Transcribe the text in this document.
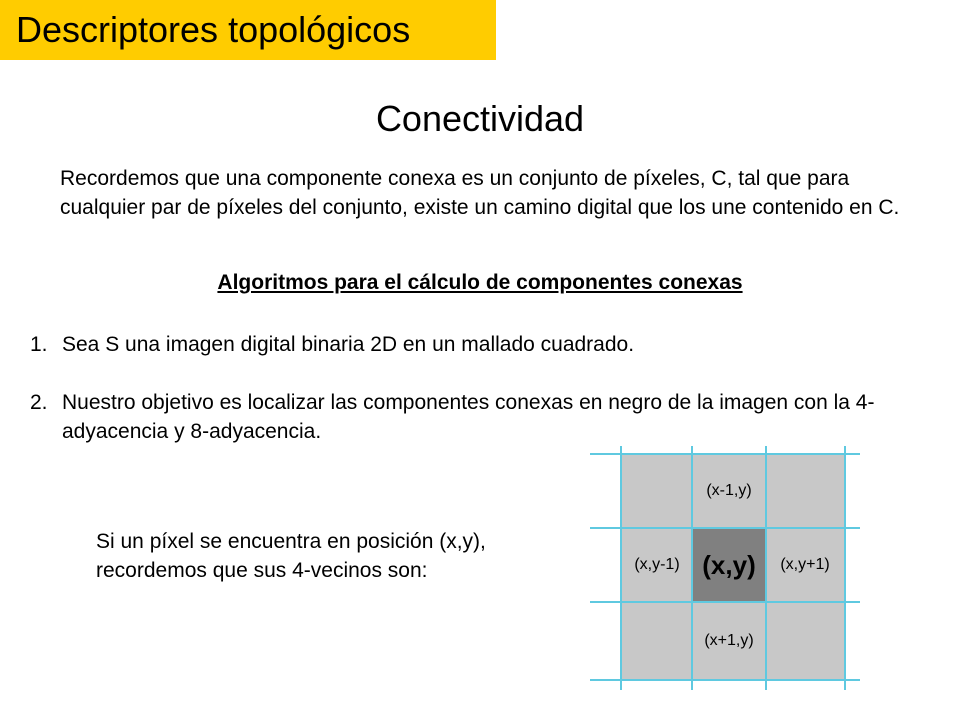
Descriptores topológicos
Conectividad
Recordemos que una componente conexa es un conjunto de píxeles, C, tal que para cualquier par de píxeles del conjunto, existe un camino digital que los une contenido en C.
Algoritmos para el cálculo de componentes conexas
1. Sea S una imagen digital binaria 2D en un mallado cuadrado.
2. Nuestro objetivo es localizar las componentes conexas en negro de la imagen con la 4-adyacencia y 8-adyacencia.
Si un píxel se encuentra en posición (x,y), recordemos que sus 4-vecinos son:
(x-1,y)
(x,y-1) (x,y) (x,y+1)
(x+1,y)
